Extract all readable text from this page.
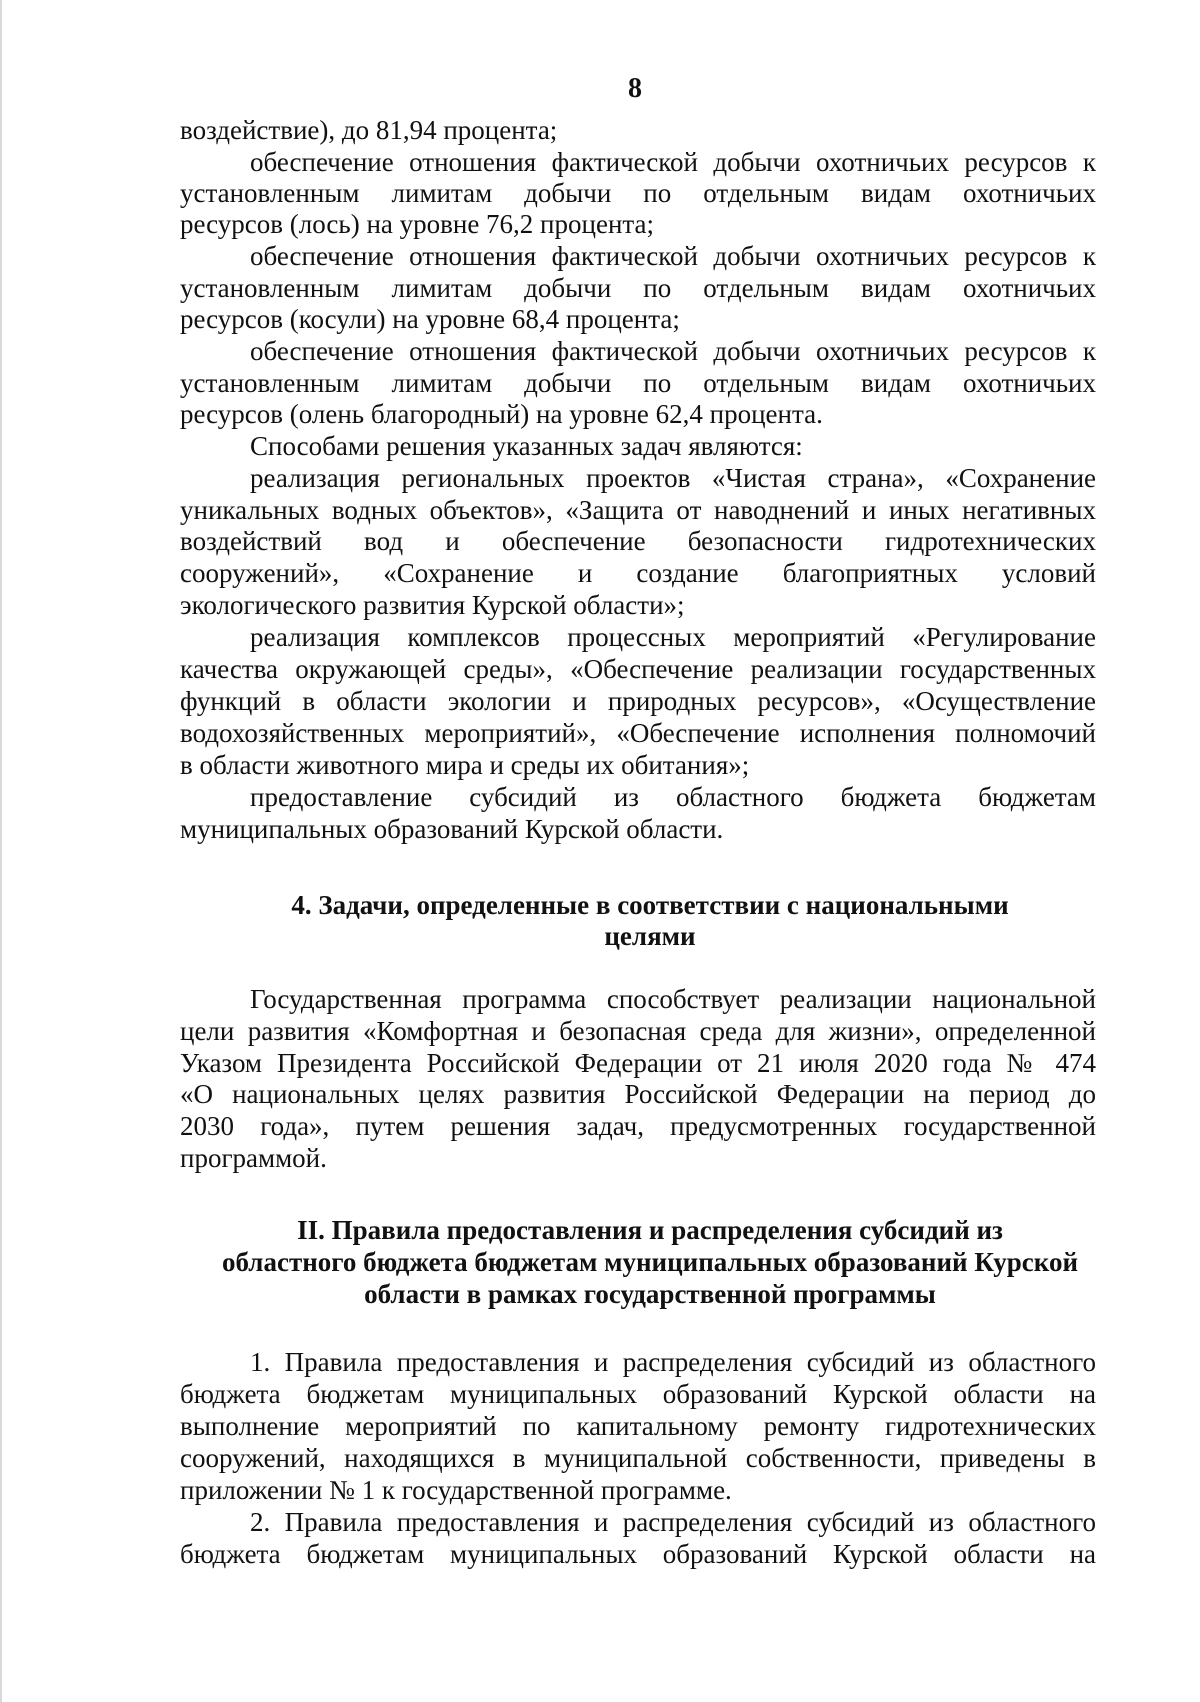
8
воздействие), до 81,94 процента;
обеспечение отношения фактической добычи охотничьих ресурсов к
установленным лимитам добычи по отдельным видам охотничьих
ресурсов (лось) на уровне 76,2 процента;
обеспечение отношения фактической добычи охотничьих ресурсов к
установленным лимитам добычи по отдельным видам охотничьих
ресурсов (косули) на уровне 68,4 процента;
обеспечение отношения фактической добычи охотничьих ресурсов к
установленным лимитам добычи по отдельным видам охотничьих
ресурсов (олень благородный) на уровне 62,4 процента.
Способами решения указанных задач являются:
реализация региональных проектов «Чистая страна», «Сохранение
уникальных водных объектов», «Защита от наводнений и иных негативных
воздействий вод и обеспечение безопасности гидротехнических
сооружений», «Сохранение и создание благоприятных условий
экологического развития Курской области»;
реализация комплексов процессных мероприятий «Регулирование
качества окружающей среды», «Обеспечение реализации государственных
функций в области экологии и природных ресурсов», «Осуществление
водохозяйственных мероприятий», «Обеспечение исполнения полномочий
в области животного мира и среды их обитания»;
предоставление субсидий из областного бюджета бюджетам
муниципальных образований Курской области.
4. Задачи, определенные в соответствии с национальными
целями
Государственная программа способствует реализации национальной
цели развития «Комфортная и безопасная среда для жизни», определенной
Указом Президента Российской Федерации от 21 июля 2020 года № 474
«О национальных целях развития Российской Федерации на период до
2030 года», путем решения задач, предусмотренных государственной
программой.
II. Правила предоставления и распределения субсидий из
областного бюджета бюджетам муниципальных образований Курской
области в рамках государственной программы
1. Правила предоставления и распределения субсидий из областного
бюджета бюджетам муниципальных образований Курской области на
выполнение мероприятий по капитальному ремонту гидротехнических
сооружений, находящихся в муниципальной собственности, приведены в
приложении № 1 к государственной программе.
2. Правила предоставления и распределения субсидий из областного
бюджета бюджетам муниципальных образований Курской области на
